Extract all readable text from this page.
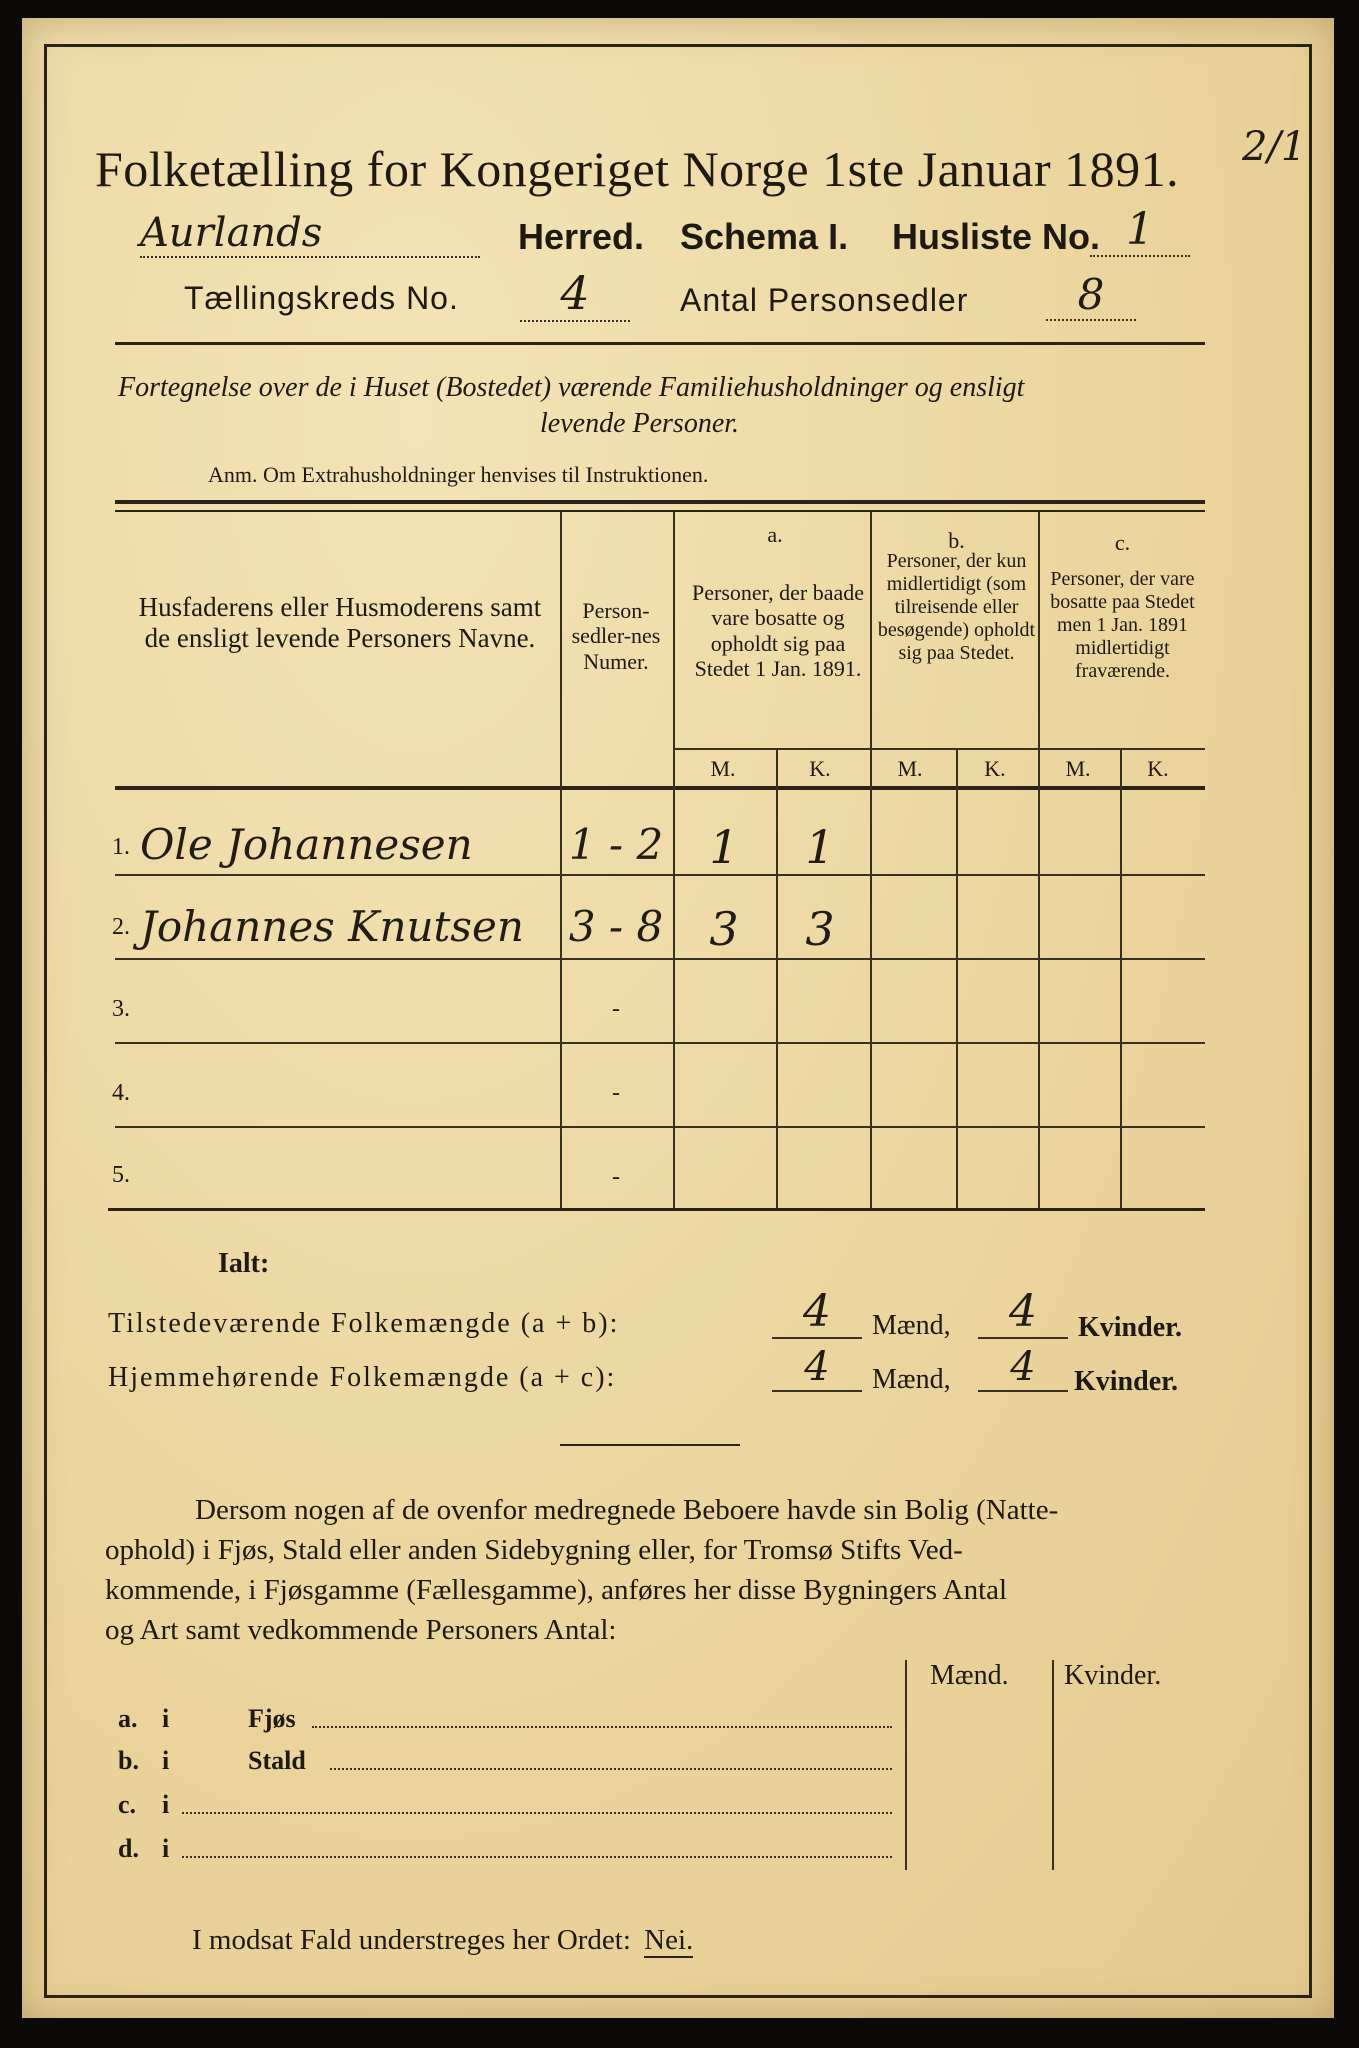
Folketælling for Kongeriget Norge 1ste Januar 1891. 2/1
Aurlands	Herred. Schema I. Husliste No. 1
Tællingskreds No.	4	Antal Personsedler	8
Fortegnelse over de i Huset (Bostedet) værende Familiehusholdninger og ensligt
levende Personer.
Anm. Om Extrahusholdninger henvises til Instruktionen.
Husfaderens eller Husmoderens samt de ensligt levende Personers Navne.
Person-sedler-nes Numer.
a.
Personer, der baade vare bosatte og opholdt sig paa Stedet 1 Jan. 1891.
b.
Personer, der kun midlertidigt (som tilreisende eller besøgende) opholdt sig paa Stedet.
c.
Personer, der vare bosatte paa Stedet men 1 Jan. 1891 midlertidigt fraværende.
M.	K.	M.	K.	M.	K.
1. Ole Johannesen 1 - 2	1	1
2. Johannes Knutsen 3 - 8	3	3
3.	-
4.	-
5.	-
Ialt:
Tilstedeværende Folkemængde (a + b):	4	Mænd,	4	Kvinder.
Hjemmehørende Folkemængde (a + c):	4	Mænd,	4	Kvinder.
Dersom nogen af de ovenfor medregnede Beboere havde sin Bolig (Natte-
ophold) i Fjøs, Stald eller anden Sidebygning eller, for Tromsø Stifts Ved-
kommende, i Fjøsgamme (Fællesgamme), anføres her disse Bygningers Antal
og Art samt vedkommende Personers Antal:
Mænd. Kvinder.
a. i	Fjøs
b. i	Stald
c. i
d. i
I modsat Fald understreges her Ordet: Nei.
